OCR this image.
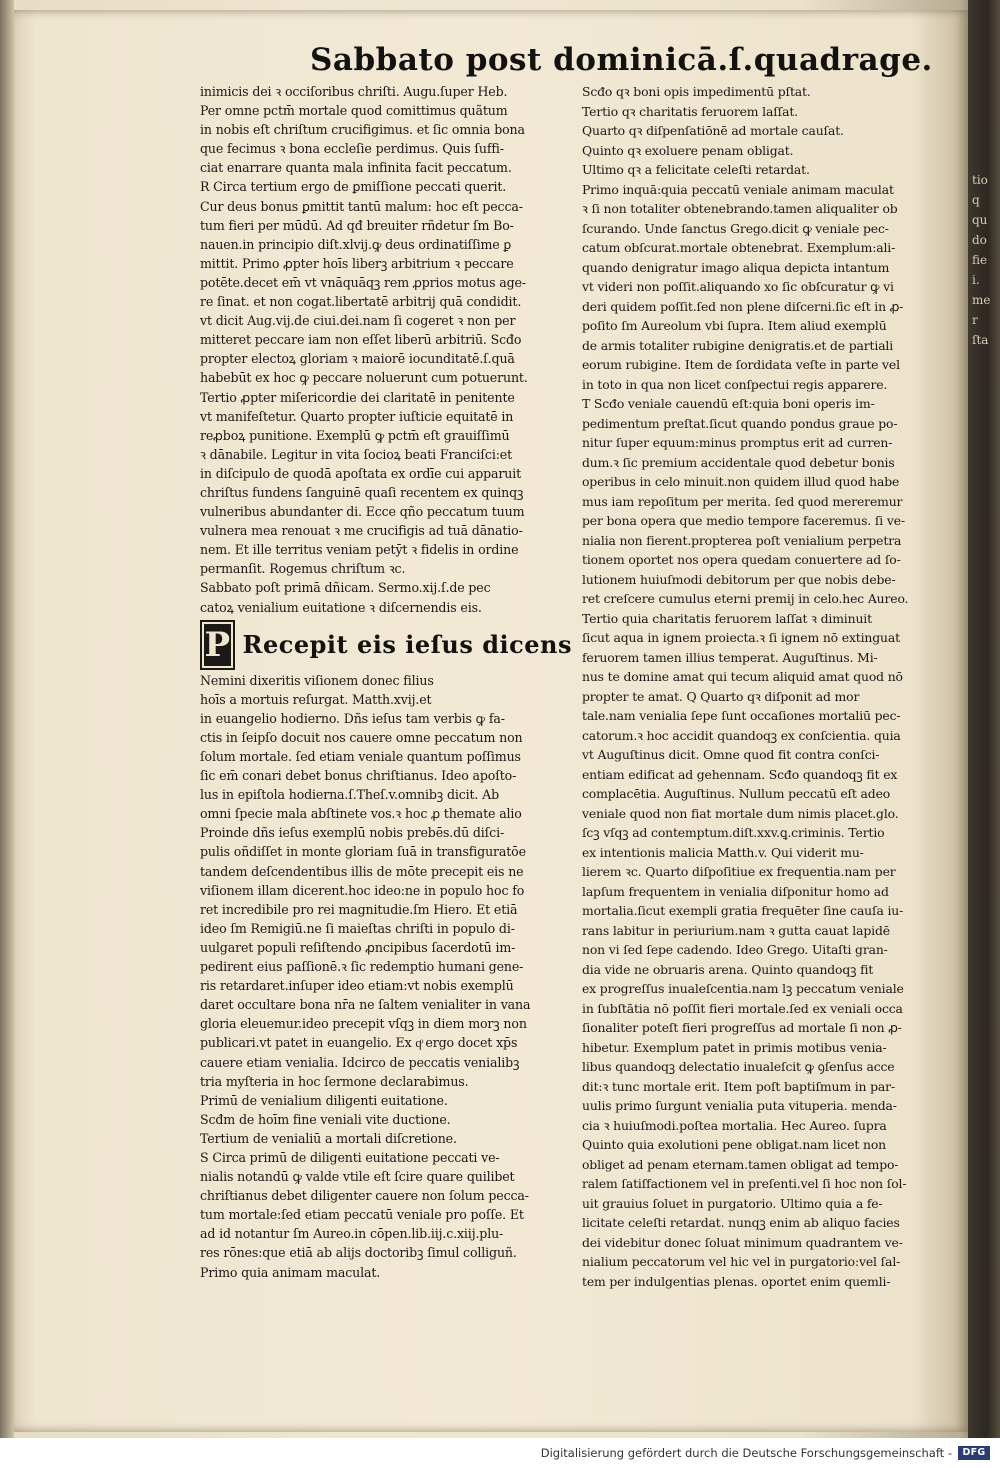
tio
q
qu
do
fie
i.
me
r
ſta
Sabbato post dominicā.ſ.quadrage.
inimicis dei ꝛ occiſoribus chriſti. Augu.ſuper Heb.
Per omne pctm̄ mortale quod comittimus quãtum
in nobis eſt chriſtum crucifigimus. et ſic omnia bona
que fecimus ꝛ bona eccleſie perdimus. Quis ſuffi-
ciat enarrare quanta mala infinita facit peccatum.
R Circa tertium ergo de ꝑmiſſione peccati querit.
Cur deus bonus ꝑmittit tantū malum: hoc eſt pecca-
tum fieri per mūdū. Ad qđ breuiter rñdetur ſm Bo-
nauen.in principio diſt.xlvij.ꝙ deus ordinatiſſime ꝑ
mittit. Primo ꝓpter hoīs liberꝫ arbitrium ꝛ peccare
potēte.decet em̄ vt vnāquāqꝫ rem ꝓprios motus age-
re ſinat. et non cogat.libertatē arbitrij quā condidit.
vt dicit Aug.vij.de ciui.dei.nam ſi cogeret ꝛ non per
mitteret peccare iam non eſſet liberū arbitriū. Scđo
propter electoꝝ gloriam ꝛ maiorē iocunditatē.ſ.quā
habebūt ex hoc ꝙ peccare noluerunt cum potuerunt.
Tertio ꝓpter miſericordie dei claritatē in penitente
vt manifeſtetur. Quarto propter iuſticie equitatē in
reꝓboꝝ punitione. Exemplū ꝙ pctm̄ eſt grauiſſimū
ꝛ dānabile. Legitur in vita ſocioꝝ beati Franciſci:et
in diſcipulo de quodā apoſtata ex ordīe cui apparuit
chriſtus fundens ſanguinē quaſi recentem ex quinqꝫ
vulneribus abundanter di. Ecce qño peccatum tuum
vulnera mea renouat ꝛ me crucifigis ad tuā dānatio-
nem. Et ille territus veniam petȳt ꝛ fidelis in ordine
permanſit. Rogemus chriſtum ꝛc.
Sabbato poſt primā dñicam. Sermo.xij.ſ.de pec
catoꝝ venialium euitatione ꝛ diſcernendis eis.
P Recepit eis ieſus dicens
Nemini dixeritis viſionem donec filius
hoīs a mortuis reſurgat. Matth.xvij.et
in euangelio hodierno. Dñs ieſus tam verbis ꝙ fa-
ctis in ſeipſo docuit nos cauere omne peccatum non
ſolum mortale. ſed etiam veniale quantum poſſimus
ſic em̄ conari debet bonus chriſtianus. Ideo apoſto-
lus in epiſtola hodierna.ſ.Theſ.v.omnibꝫ dicit. Ab
omni ſpecie mala abſtinete vos.ꝛ hoc ꝓ themate alio
Proinde dñs ieſus exemplū nobis prebēs.dū diſci-
pulis oñdiſſet in monte gloriam ſuā in transfiguratōe
tandem deſcendentibus illis de mōte precepit eis ne
viſionem illam dicerent.hoc ideo:ne in populo hoc fo
ret incredibile pro rei magnitudie.ſm Hiero. Et etiā
ideo ſm Remigiū.ne ſi maieſtas chriſti in populo di-
uulgaret populi reſiſtendo ꝓncipibus ſacerdotū im-
pedirent eius paſſionē.ꝛ ſic redemptio humani gene-
ris retardaret.inſuper ideo etiam:vt nobis exemplū
daret occultare bona nr̄a ne ſaltem venialiter in vana
gloria eleuemur.ideo precepit vſqꝫ in diem morꝫ non
publicari.vt patet in euangelio. Ex qͦ ergo docet xp̄s
cauere etiam venialia. Idcirco de peccatis venialibꝫ
tria myſteria in hoc ſermone declarabimus.
Primū de venialium diligenti euitatione.
Scđm de hoīm fine veniali vite ductione.
Tertium de venialiū a mortali diſcretione.
S Circa primū de diligenti euitatione peccati ve-
nialis notandū ꝙ valde vtile eſt ſcire quare quilibet
chriſtianus debet diligenter cauere non ſolum pecca-
tum mortale:ſed etiam peccatū veniale pro poſſe. Et
ad id notantur ſm Aureo.in cōpen.lib.iij.c.xiij.plu-
res rōnes:que etiā ab alijs doctoribꝫ ſimul colliguñ.
Primo quia animam maculat.
Scđo qꝛ boni opis impedimentū pſtat.
Tertio qꝛ charitatis feruorem laſſat.
Quarto qꝛ diſpenſatiōnē ad mortale cauſat.
Quinto qꝛ exoluere penam obligat.
Ultimo qꝛ a felicitate celeſti retardat.
Primo inquā:quia peccatū veniale animam maculat
ꝛ ſi non totaliter obtenebrando.tamen aliqualiter ob
ſcurando. Unde ſanctus Grego.dicit ꝙ veniale pec-
catum obſcurat.mortale obtenebrat. Exemplum:ali-
quando denigratur imago aliqua depicta intantum
vt videri non poſſit.aliquando xo ſic obſcuratur ꝙ vi
deri quidem poſſit.ſed non plene diſcerni.ſic eſt in ꝓ-
poſito ſm Aureolum vbi ſupra. Item aliud exemplū
de armis totaliter rubigine denigratis.et de partiali
eorum rubigine. Item de ſordidata veſte in parte vel
in toto in qua non licet conſpectui regis apparere.
T Scđo veniale cauendū eſt:quia boni operis im-
pedimentum preſtat.ſicut quando pondus graue po-
nitur ſuper equum:minus promptus erit ad curren-
dum.ꝛ ſic premium accidentale quod debetur bonis
operibus in celo minuit.non quidem illud quod habe
mus iam repoſitum per merita. ſed quod mereremur
per bona opera que medio tempore faceremus. ſi ve-
nialia non fierent.propterea poſt venialium perpetra
tionem oportet nos opera quedam conuertere ad ſo-
lutionem huiuſmodi debitorum per que nobis debe-
ret creſcere cumulus eterni premij in celo.hec Aureo.
Tertio quia charitatis feruorem laſſat ꝛ diminuit
ſicut aqua in ignem proiecta.ꝛ ſi ignem nō extinguat
feruorem tamen illius temperat. Auguſtinus. Mi-
nus te domine amat qui tecum aliquid amat quod nō
propter te amat. Q Quarto qꝛ diſponit ad mor
tale.nam venialia ſepe ſunt occaſiones mortaliū pec-
catorum.ꝛ hoc accidit quandoqꝫ ex conſcientia. quia
vt Auguſtinus dicit. Omne quod fit contra conſci-
entiam edificat ad gehennam. Scđo quandoqꝫ fit ex
complacētia. Auguſtinus. Nullum peccatū eſt adeo
veniale quod non fiat mortale dum nimis placet.glo.
ſcꝫ vſqꝫ ad contemptum.diſt.xxv.ꝗ.criminis. Tertio
ex intentionis malicia Matth.v. Qui viderit mu-
lierem ꝛc. Quarto diſpoſitiue ex frequentia.nam per
lapſum frequentem in venialia diſponitur homo ad
mortalia.ſicut exempli gratia frequēter ſine cauſa iu-
rans labitur in periurium.nam ꝛ gutta cauat lapidē
non vi ſed ſepe cadendo. Ideo Grego. Uitaſti gran-
dia vide ne obruaris arena. Quinto quandoqꝫ fit
ex progreſſus inualeſcentia.nam lꝫ peccatum veniale
in ſubſtātia nō poſſit fieri mortale.ſed ex veniali occa
ſionaliter poteſt fieri progreſſus ad mortale ſi non ꝓ-
hibetur. Exemplum patet in primis motibus venia-
libus quandoqꝫ delectatio inualeſcit ꝙ ꝯſenſus acce
dit:ꝛ tunc mortale erit. Item poſt baptiſmum in par-
uulis primo ſurgunt venialia puta vituperia. menda-
cia ꝛ huiuſmodi.poſtea mortalia. Hec Aureo. ſupra
Quinto quia exolutioni pene obligat.nam licet non
obliget ad penam eternam.tamen obligat ad tempo-
ralem ſatiſfactionem vel in preſenti.vel ſi hoc non ſol-
uit grauius ſoluet in purgatorio. Ultimo quia a fe-
licitate celeſti retardat. nunqꝫ enim ab aliquo facies
dei videbitur donec ſoluat minimum quadrantem ve-
nialium peccatorum vel hic vel in purgatorio:vel ſal-
tem per indulgentias plenas. oportet enim quemli-
Digitalisierung gefördert durch die Deutsche Forschungsgemeinschaft -	DFG
